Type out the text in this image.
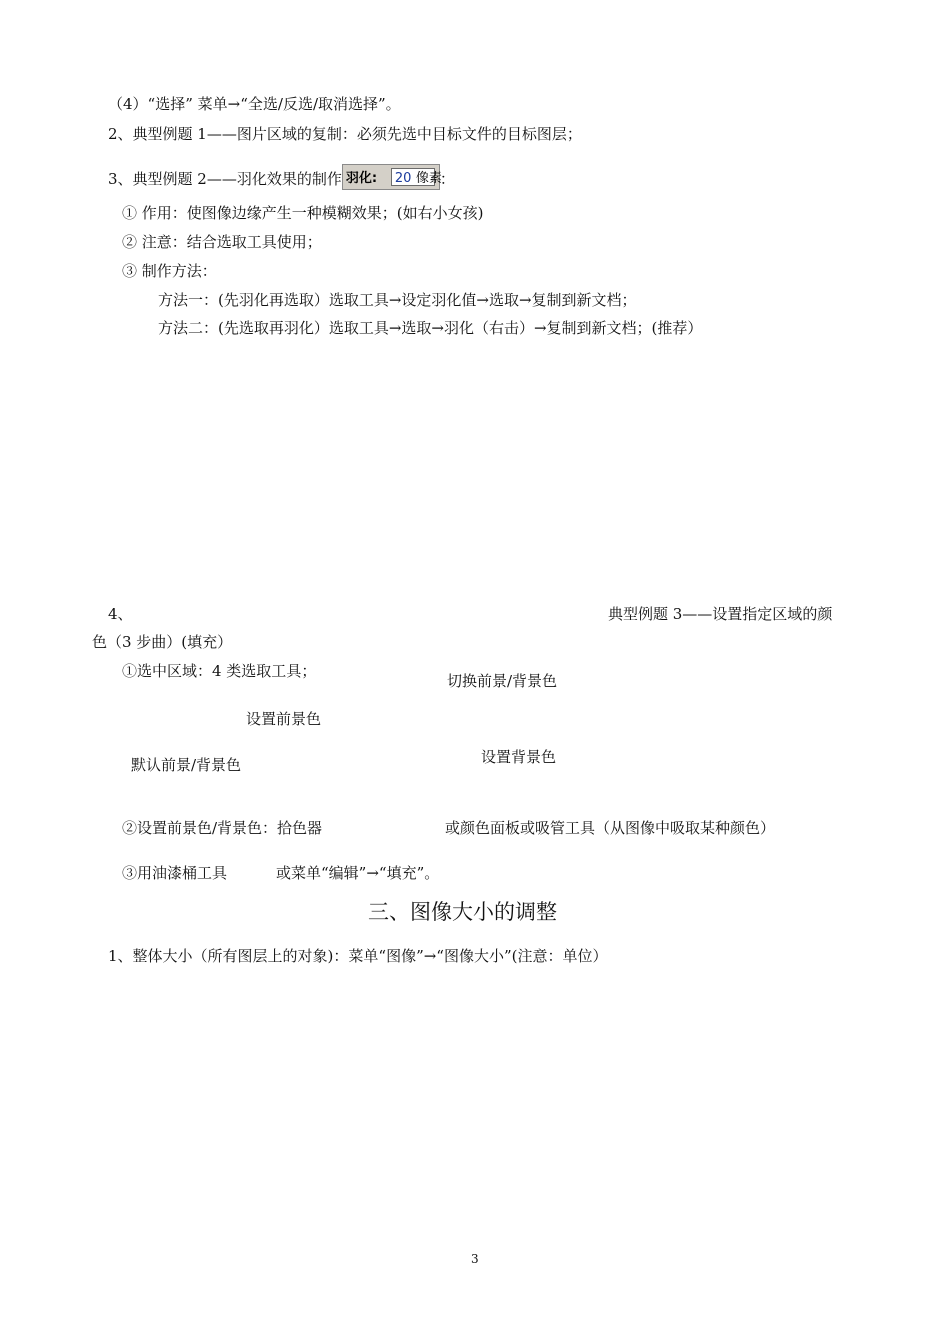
（4）“选择” 菜单→“全选/反选/取消选择”。
2、典型例题 1——图片区域的复制：必须先选中目标文件的目标图层；
3、典型例题 2——羽化效果的制作 羽化: 20 像素
：
① 作用：使图像边缘产生一种模糊效果；(如右小女孩)
② 注意：结合选取工具使用；
③ 制作方法：
方法一：(先羽化再选取）选取工具→设定羽化值→选取→复制到新文档；
方法二：(先选取再羽化）选取工具→选取→羽化（右击）→复制到新文档；(推荐）
4、	典型例题 3——设置指定区域的颜
色（3 步曲）(填充）
①选中区域：4 类选取工具；
切换前景/背景色
设置前景色
设置背景色
默认前景/背景色
②设置前景色/背景色：拾色器	或颜色面板或吸管工具（从图像中吸取某种颜色）
③用油漆桶工具	或菜单“编辑”→“填充”。
三、图像大小的调整
1、整体大小（所有图层上的对象)：菜单“图像”→“图像大小”(注意：单位）
3
